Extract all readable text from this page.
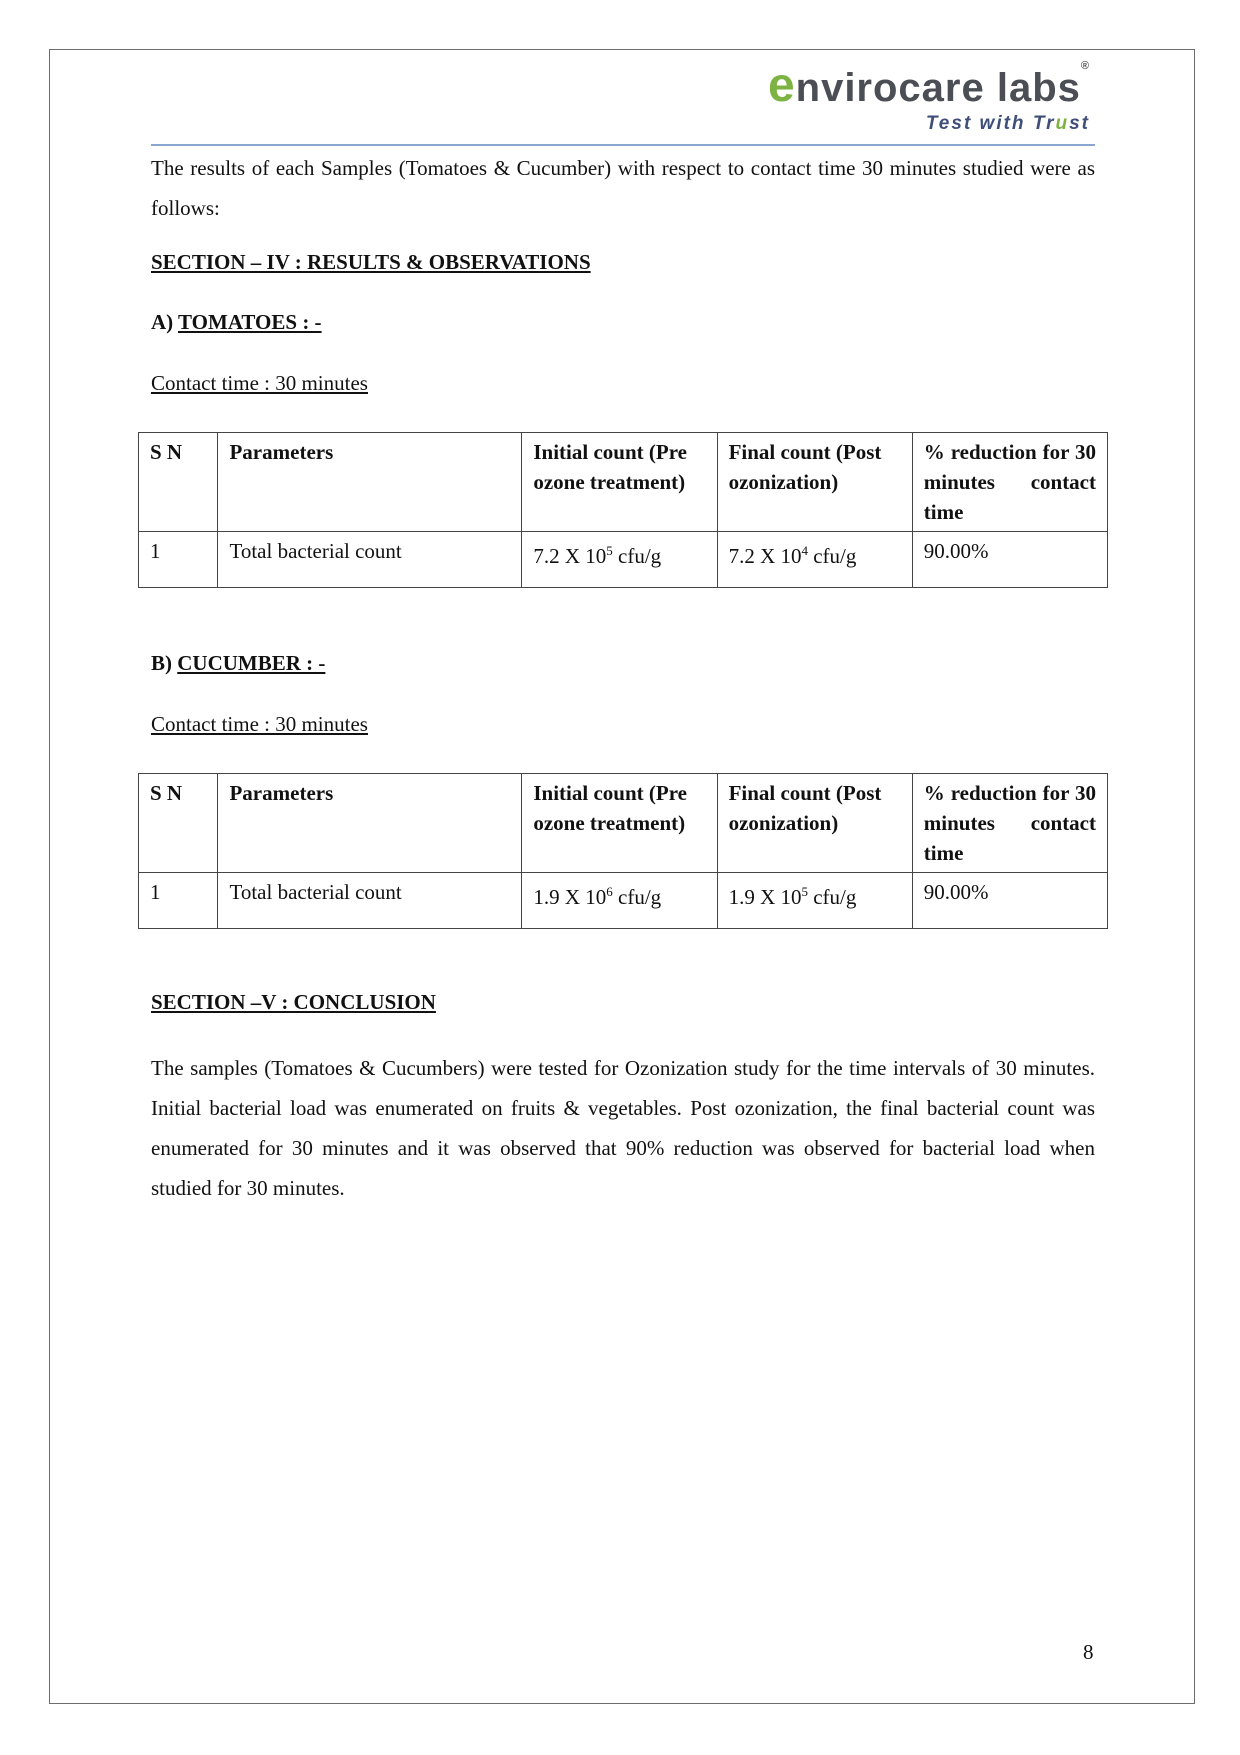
envirocare labs®
Test with Trust

The results of each Samples (Tomatoes & Cucumber) with respect to contact time 30 minutes studied were as follows:

SECTION – IV : RESULTS & OBSERVATIONS

A) TOMATOES : -

Contact time : 30 minutes

S N	Parameters	Initial count (Pre ozone treatment)	Final count (Post ozonization)	% reduction for 30 minutes contact time
1	Total bacterial count	7.2 X $10^5$ cfu/g	7.2 X $10^4$ cfu/g	90.00%

B) CUCUMBER : -

Contact time : 30 minutes

S N	Parameters	Initial count (Pre ozone treatment)	Final count (Post ozonization)	% reduction for 30 minutes contact time
1	Total bacterial count	1.9 X $10^6$ cfu/g	1.9 X $10^5$ cfu/g	90.00%

SECTION –V : CONCLUSION

The samples (Tomatoes & Cucumbers) were tested for Ozonization study for the time intervals of 30 minutes. Initial bacterial load was enumerated on fruits & vegetables. Post ozonization, the final bacterial count was enumerated for 30 minutes and it was observed that 90% reduction was observed for bacterial load when studied for 30 minutes.

8
